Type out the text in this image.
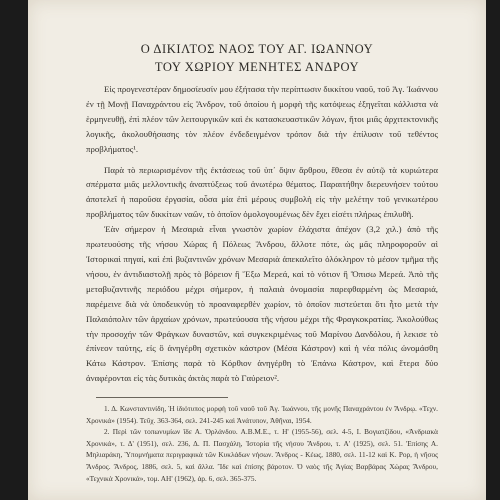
Ο ΔΙΚΙΛΤΟΣ ΝΑΟΣ ΤΟΥ ΑΓ. ΙΩΑΝΝΟΥ
ΤΟΥ ΧΩΡΙΟΥ ΜΕΝΗΤΕΣ ΑΝΔΡΟΥ

Εἰς προγενεστέραν δημοσίευσίν μου ἐξήτασα τὴν περίπτωσιν δικκίτου ναοῦ, τοῦ Ἀγ. Ἰωάννου ἐν τῇ Μονῇ Παναχράντου εἰς Ἄνδρον, τοῦ ὁποίου ἡ μορφὴ τῆς κατόψεως ἐξηγεῖται κάλλιστα νὰ ἑρμηνευθῇ, ἐπὶ πλέον τῶν λειτουργικῶν καὶ ἐκ κατασκευαστικῶν λόγων, ἤτοι μιᾶς ἀρχιτεκτονικῆς λογικῆς, ἀκολουθήσασης τὸν πλέον ἐνδεδειγμένον τρόπον διὰ τὴν ἐπίλυσιν τοῦ τεθέντος προβλήματος¹.

Παρὰ τὸ περιωρισμένον τῆς ἐκτάσεως τοῦ ὑπ᾿ ὄψιν ἄρθρου, ἔθεσα ἐν αὐτῷ τὰ κυριώτερα σπέρματα μιᾶς μελλοντικῆς ἀναπτύξεως τοῦ ἀνωτέρω θέματος. Παραιτήθην διερευνήσεν τούτου ἀποτελεῖ ἡ παροῦσα ἐργασία, οὖσα μία ἐπὶ μέρους συμβολὴ εἰς τὴν μελέτην τοῦ γενικωτέρου προβλήματος τῶν δικκίτων ναῶν, τὸ ὁποῖον ὁμολογουμένως δὲν ἔχει εἰσέτι πλήρως ἐπιλυθῆ.

Ἐὰν σήμερον ἡ Μεσαριὰ εἶναι γνωστὸν χωρίον ἐλάχιστα ἀπέχον (3,2 χιλ.) ἀπὸ τῆς πρωτευούσης τῆς νήσου Χώρας ἢ Πόλεως Ἄνδρου, ἄλλοτε πότε, ὡς μᾶς πληροφοροῦν αἱ Ἱστορικαὶ πηγαί, καὶ ἐπὶ βυζαντινῶν χρόνων Μεσαριὰ ἀπεκαλεῖτο ὁλόκληρον τὸ μέσον τμῆμα τῆς νήσου, ἐν ἀντιδιαστολῇ πρὸς τὸ βόρειον ἢ Ἔξω Μερεά, καὶ τὸ νότιον ἢ Ὄπισω Μερεά. Ἀπὸ τῆς μεταβυζαντινῆς περιόδου μέχρι σήμερον, ἡ παλαιὰ ὀνομασία παρεφθαρμένη ὡς Μεσαριά, παρέμεινε διὰ νὰ ὑποδεικνύῃ τὸ προαναφερθὲν χωρίον, τὸ ὁποῖον πιστεύεται ὅτι ἦτο μετὰ τὴν Παλαιόπολιν τῶν ἀρχαίων χρόνων, πρωτεύουσα τῆς νήσου μέχρι τῆς Φραγκοκρατίας. Ἀκολούθως τὴν προσοχήν τῶν Φράγκων δυναστῶν, καὶ συγκεκριμένως τοῦ Μαρίνου Δανδόλου, ἡ λεκισε τὸ ἐπίνεον ταύτης, εἰς ὃ ἀνηγέρθη σχετικὸν κάστρον (Μέσα Κάστρον) καὶ ἡ νέα πόλις ὠνομάσθη Κάτω Κάστρον. Ἐπίσης παρὰ τὸ Κόρθιον ἀνηγέρθη τὸ Ἐπάνω Κάστρον, καὶ ἕτερα δύο ἀναφέρονται εἰς τὰς δυτικὰς ἀκτὰς παρὰ τὸ Γαύρειον².

1. Δ. Κωνσταντινίδη, Ἡ ἰδιότυπος μορφὴ τοῦ ναοῦ τοῦ Ἀγ. Ἰωάννου, τῆς μονῆς Παναχράντου ἐν Ἄνδρῳ. «Τεχν. Χρονικά» (1954). Τεῦχ. 363-364, σελ. 241-245 καὶ Ἀνάτυπον, Ἀθῆναι, 1954.

2. Περὶ τῶν τοπωνυμίων ἴδε Α. Ὀρλάνδου. Α.Β.Μ.Ε., τ. Η' (1955-56), σελ. 4-5, Ι. Βογιατζίδου, «Ἀνδριακὰ Χρονικά», τ. Δ' (1951), σελ. 236, Δ. Π. Πασχάλη, Ἱστορία τῆς νήσου Ἄνδρου, τ. Α' (1925), σελ. 51. Ἐπίσης Α. Μηλιαράκη, Ὑπομνήματα περιγραφικὰ τῶν Κυκλάδων νήσων. Ἄνδρος - Κέως, 1880, σελ. 11-12 καὶ Κ. Ρορ, ἡ νῆσος Ἄνδρος. Ἄνδρος, 1886, σελ. 5, καὶ ἄλλα. Ἴδε καὶ ἐπίσης βάροτον. Ὁ ναὸς τῆς Ἁγίας Βαρβάρας Χώρας Ἄνδρου, «Τεχνικὰ Χρονικά», τομ. ΑΗ' (1962), ἀρ. 6, σελ. 365-375.
